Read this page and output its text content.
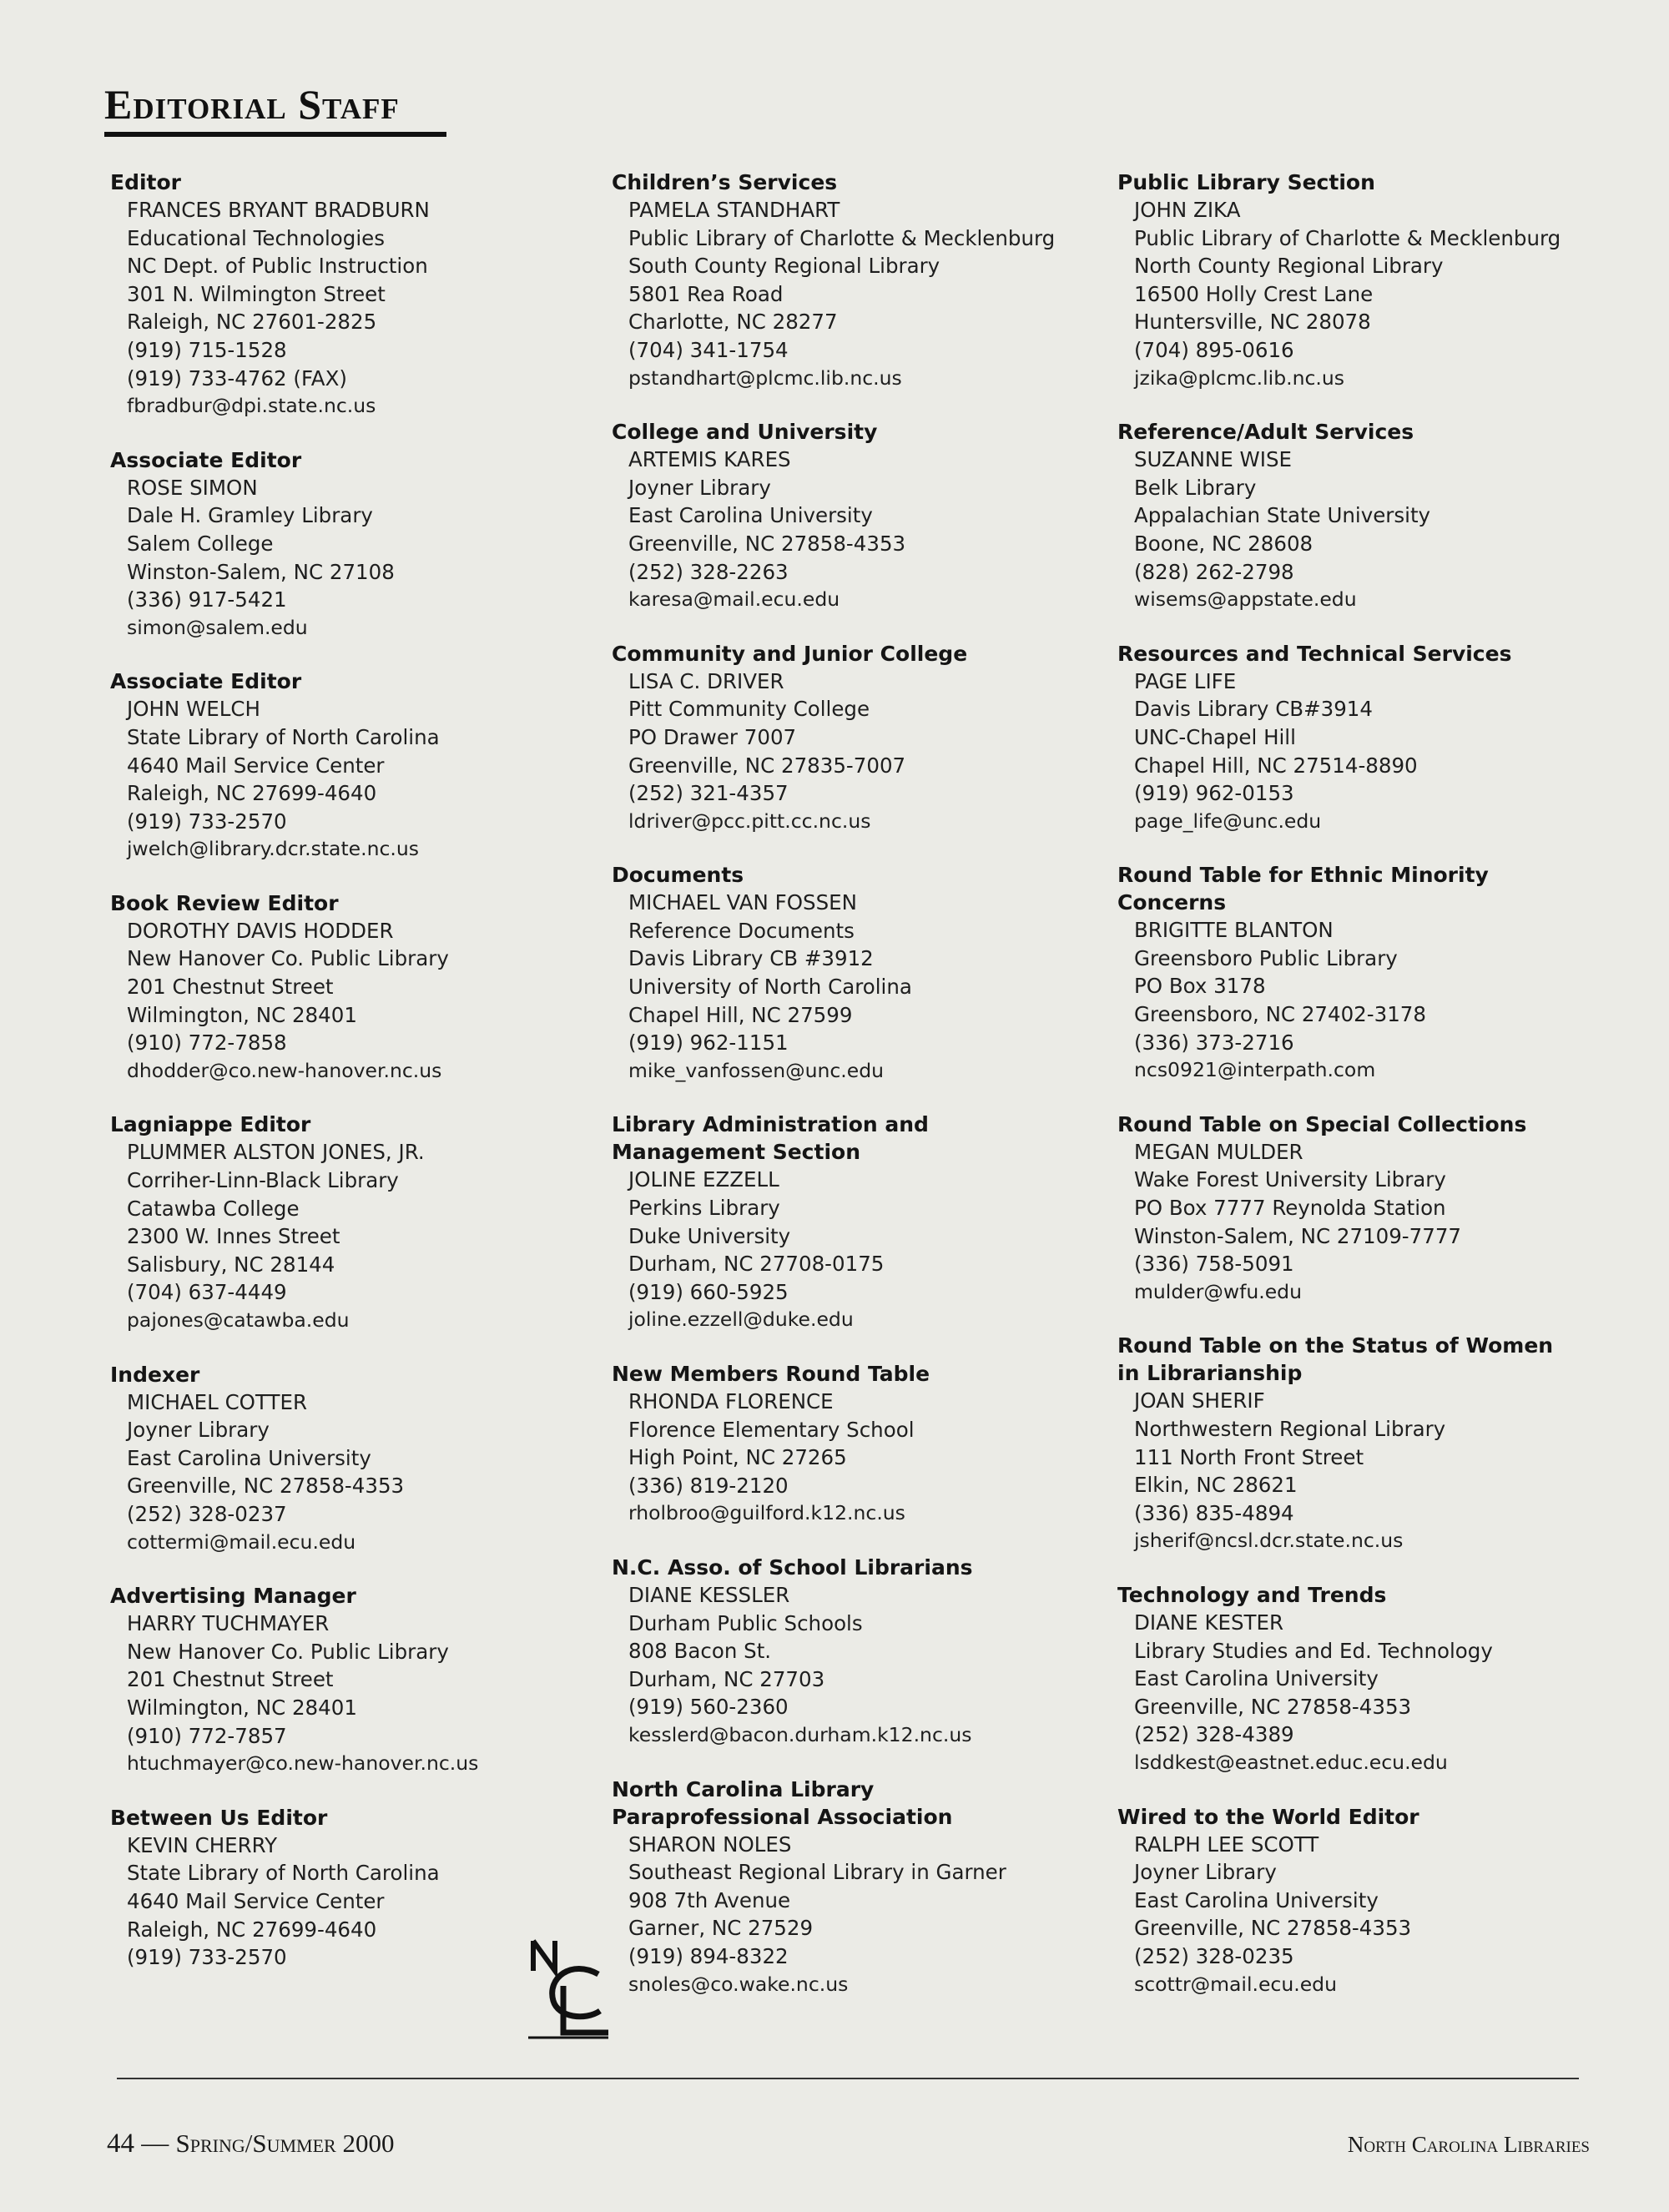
Editorial Staff
Editor
FRANCES BRYANT BRADBURN
Educational Technologies
NC Dept. of Public Instruction
301 N. Wilmington Street
Raleigh, NC 27601-2825
(919) 715-1528
(919) 733-4762 (FAX)
fbradbur@dpi.state.nc.us
Associate Editor
ROSE SIMON
Dale H. Gramley Library
Salem College
Winston-Salem, NC 27108
(336) 917-5421
simon@salem.edu
Associate Editor
JOHN WELCH
State Library of North Carolina
4640 Mail Service Center
Raleigh, NC 27699-4640
(919) 733-2570
jwelch@library.dcr.state.nc.us
Book Review Editor
DOROTHY DAVIS HODDER
New Hanover Co. Public Library
201 Chestnut Street
Wilmington, NC 28401
(910) 772-7858
dhodder@co.new-hanover.nc.us
Lagniappe Editor
PLUMMER ALSTON JONES, JR.
Corriher-Linn-Black Library
Catawba College
2300 W. Innes Street
Salisbury, NC 28144
(704) 637-4449
pajones@catawba.edu
Indexer
MICHAEL COTTER
Joyner Library
East Carolina University
Greenville, NC 27858-4353
(252) 328-0237
cottermi@mail.ecu.edu
Advertising Manager
HARRY TUCHMAYER
New Hanover Co. Public Library
201 Chestnut Street
Wilmington, NC 28401
(910) 772-7857
htuchmayer@co.new-hanover.nc.us
Between Us Editor
KEVIN CHERRY
State Library of North Carolina
4640 Mail Service Center
Raleigh, NC 27699-4640
(919) 733-2570
Children’s Services
PAMELA STANDHART
Public Library of Charlotte & Mecklenburg
South County Regional Library
5801 Rea Road
Charlotte, NC 28277
(704) 341-1754
pstandhart@plcmc.lib.nc.us
College and University
ARTEMIS KARES
Joyner Library
East Carolina University
Greenville, NC 27858-4353
(252) 328-2263
karesa@mail.ecu.edu
Community and Junior College
LISA C. DRIVER
Pitt Community College
PO Drawer 7007
Greenville, NC 27835-7007
(252) 321-4357
ldriver@pcc.pitt.cc.nc.us
Documents
MICHAEL VAN FOSSEN
Reference Documents
Davis Library CB #3912
University of North Carolina
Chapel Hill, NC 27599
(919) 962-1151
mike_vanfossen@unc.edu
Library Administration and
Management Section
JOLINE EZZELL
Perkins Library
Duke University
Durham, NC 27708-0175
(919) 660-5925
joline.ezzell@duke.edu
New Members Round Table
RHONDA FLORENCE
Florence Elementary School
High Point, NC 27265
(336) 819-2120
rholbroo@guilford.k12.nc.us
N.C. Asso. of School Librarians
DIANE KESSLER
Durham Public Schools
808 Bacon St.
Durham, NC 27703
(919) 560-2360
kesslerd@bacon.durham.k12.nc.us
North Carolina Library
Paraprofessional Association
SHARON NOLES
Southeast Regional Library in Garner
908 7th Avenue
Garner, NC 27529
(919) 894-8322
snoles@co.wake.nc.us
Public Library Section
JOHN ZIKA
Public Library of Charlotte & Mecklenburg
North County Regional Library
16500 Holly Crest Lane
Huntersville, NC 28078
(704) 895-0616
jzika@plcmc.lib.nc.us
Reference/Adult Services
SUZANNE WISE
Belk Library
Appalachian State University
Boone, NC 28608
(828) 262-2798
wisems@appstate.edu
Resources and Technical Services
PAGE LIFE
Davis Library CB#3914
UNC-Chapel Hill
Chapel Hill, NC 27514-8890
(919) 962-0153
page_life@unc.edu
Round Table for Ethnic Minority Concerns
BRIGITTE BLANTON
Greensboro Public Library
PO Box 3178
Greensboro, NC 27402-3178
(336) 373-2716
ncs0921@interpath.com
Round Table on Special Collections
MEGAN MULDER
Wake Forest University Library
PO Box 7777 Reynolda Station
Winston-Salem, NC 27109-7777
(336) 758-5091
mulder@wfu.edu
Round Table on the Status of Women
in Librarianship
JOAN SHERIF
Northwestern Regional Library
111 North Front Street
Elkin, NC 28621
(336) 835-4894
jsherif@ncsl.dcr.state.nc.us
Technology and Trends
DIANE KESTER
Library Studies and Ed. Technology
East Carolina University
Greenville, NC 27858-4353
(252) 328-4389
lsddkest@eastnet.educ.ecu.edu
Wired to the World Editor
RALPH LEE SCOTT
Joyner Library
East Carolina University
Greenville, NC 27858-4353
(252) 328-0235
scottr@mail.ecu.edu
44 — Spring/Summer 2000	North Carolina Libraries
